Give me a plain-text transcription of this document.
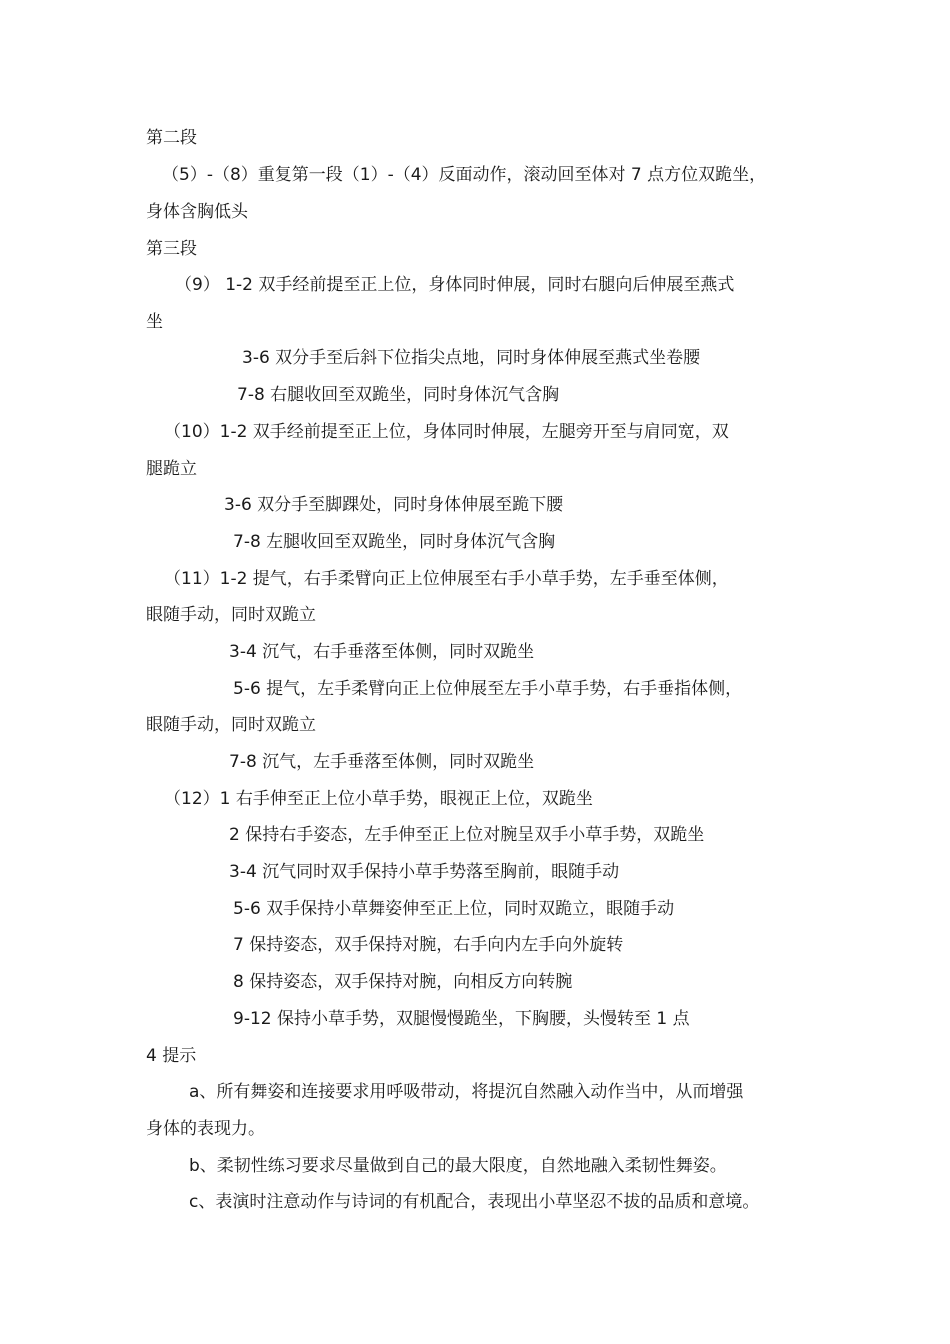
第二段
（5）-（8）重复第一段（1）-（4）反面动作，滚动回至体对 7 点方位双跪坐，
身体含胸低头
第三段
（9） 1-2 双手经前提至正上位，身体同时伸展，同时右腿向后伸展至燕式
坐
3-6 双分手至后斜下位指尖点地，同时身体伸展至燕式坐卷腰
7-8 右腿收回至双跪坐，同时身体沉气含胸
（10）1-2 双手经前提至正上位，身体同时伸展，左腿旁开至与肩同宽，双
腿跪立
3-6 双分手至脚踝处，同时身体伸展至跪下腰
7-8 左腿收回至双跪坐，同时身体沉气含胸
（11）1-2 提气，右手柔臂向正上位伸展至右手小草手势，左手垂至体侧，
眼随手动，同时双跪立
3-4 沉气，右手垂落至体侧，同时双跪坐
5-6 提气，左手柔臂向正上位伸展至左手小草手势，右手垂指体侧，
眼随手动，同时双跪立
7-8 沉气，左手垂落至体侧，同时双跪坐
（12）1 右手伸至正上位小草手势，眼视正上位，双跪坐
2 保持右手姿态，左手伸至正上位对腕呈双手小草手势，双跪坐
3-4 沉气同时双手保持小草手势落至胸前，眼随手动
5-6 双手保持小草舞姿伸至正上位，同时双跪立，眼随手动
7 保持姿态，双手保持对腕，右手向内左手向外旋转
8 保持姿态，双手保持对腕，向相反方向转腕
9-12 保持小草手势，双腿慢慢跪坐，下胸腰，头慢转至 1 点
4 提示
a、所有舞姿和连接要求用呼吸带动，将提沉自然融入动作当中，从而增强
身体的表现力。
b、柔韧性练习要求尽量做到自己的最大限度，自然地融入柔韧性舞姿。
c、表演时注意动作与诗词的有机配合，表现出小草坚忍不拔的品质和意境。
